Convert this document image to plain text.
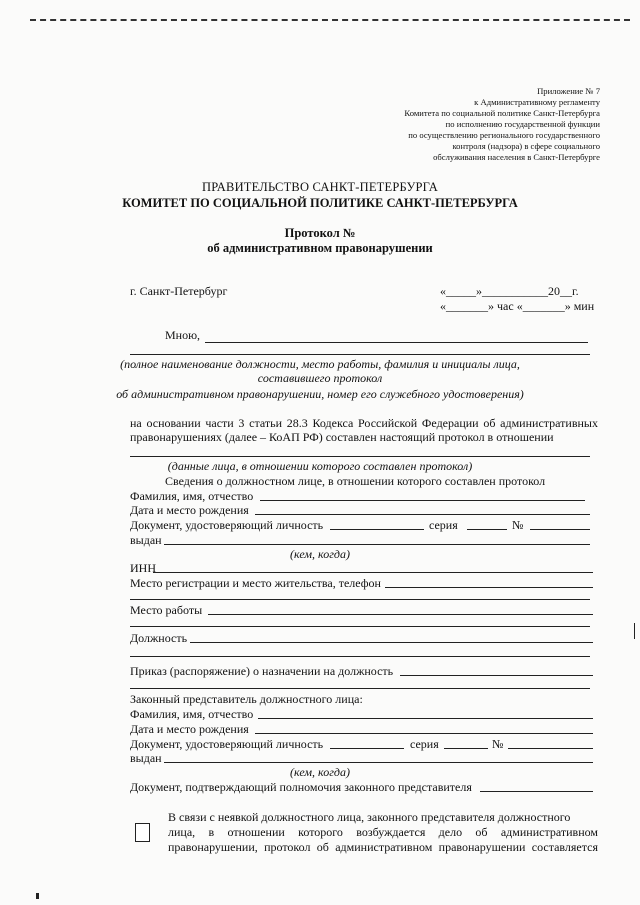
Приложение № 7
к Административному регламенту
Комитета по социальной политике Санкт-Петербурга
по исполнению государственной функции
по осуществлению регионального государственного
контроля (надзора) в сфере социального
обслуживания населения в Санкт-Петербурге
ПРАВИТЕЛЬСТВО САНКТ-ПЕТЕРБУРГА
КОМИТЕТ ПО СОЦИАЛЬНОЙ ПОЛИТИКЕ САНКТ-ПЕТЕРБУРГА
Протокол №
об административном правонарушении
г. Санкт-Петербург	«_____»___________20__г.
«_______» час «_______» мин
Мною,
(полное наименование должности, место работы, фамилия и инициалы лица,
составившего протокол
об административном правонарушении, номер его служебного удостоверения)
на основании части 3 статьи 28.3 Кодекса Российской Федерации об административных
правонарушениях (далее – КоАП РФ) составлен настоящий протокол в отношении
(данные лица, в отношении которого составлен протокол)
Сведения о должностном лице, в отношении которого составлен протокол
Фамилия, имя, отчество
Дата и место рождения
Документ, удостоверяющий личность	серия	№
выдан
(кем, когда)
ИНН
Место регистрации и место жительства, телефон
Место работы
Должность
Приказ (распоряжение) о назначении на должность
Законный представитель должностного лица:
Фамилия, имя, отчество
Дата и место рождения
Документ, удостоверяющий личность	серия	№
выдан
(кем, когда)
Документ, подтверждающий полномочия законного представителя
В связи с неявкой должностного лица, законного представителя должностного
лица, в отношении которого возбуждается дело об административном
правонарушении, протокол об административном правонарушении составляется
